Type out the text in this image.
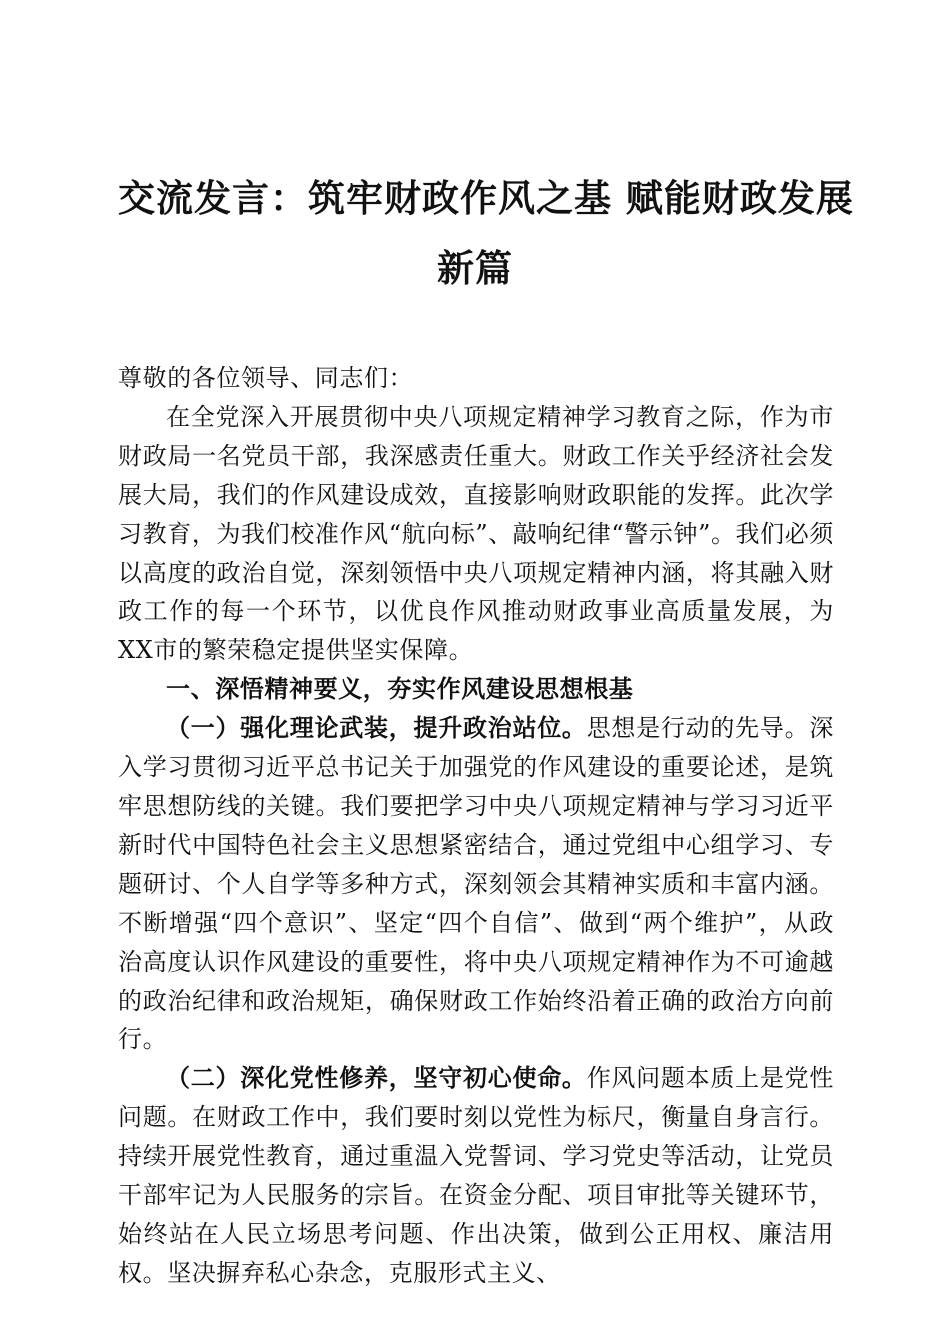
交流发言：筑牢财政作风之基 赋能财政发展
新篇

尊敬的各位领导、同志们：

在全党深入开展贯彻中央八项规定精神学习教育之际，作为市财政局一名党员干部，我深感责任重大。财政工作关乎经济社会发展大局，我们的作风建设成效，直接影响财政职能的发挥。此次学习教育，为我们校准作风“航向标”、敲响纪律“警示钟”。我们必须以高度的政治自觉，深刻领悟中央八项规定精神内涵，将其融入财政工作的每一个环节，以优良作风推动财政事业高质量发展，为XX市的繁荣稳定提供坚实保障。

一、深悟精神要义，夯实作风建设思想根基

（一）强化理论武装，提升政治站位。思想是行动的先导。深入学习贯彻习近平总书记关于加强党的作风建设的重要论述，是筑牢思想防线的关键。我们要把学习中央八项规定精神与学习习近平新时代中国特色社会主义思想紧密结合，通过党组中心组学习、专题研讨、个人自学等多种方式，深刻领会其精神实质和丰富内涵。不断增强“四个意识”、坚定“四个自信”、做到“两个维护”，从政治高度认识作风建设的重要性，将中央八项规定精神作为不可逾越的政治纪律和政治规矩，确保财政工作始终沿着正确的政治方向前行。

（二）深化党性修养，坚守初心使命。作风问题本质上是党性问题。在财政工作中，我们要时刻以党性为标尺，衡量自身言行。持续开展党性教育，通过重温入党誓词、学习党史等活动，让党员干部牢记为人民服务的宗旨。在资金分配、项目审批等关键环节，始终站在人民立场思考问题、作出决策，做到公正用权、廉洁用权。坚决摒弃私心杂念，克服形式主义、
